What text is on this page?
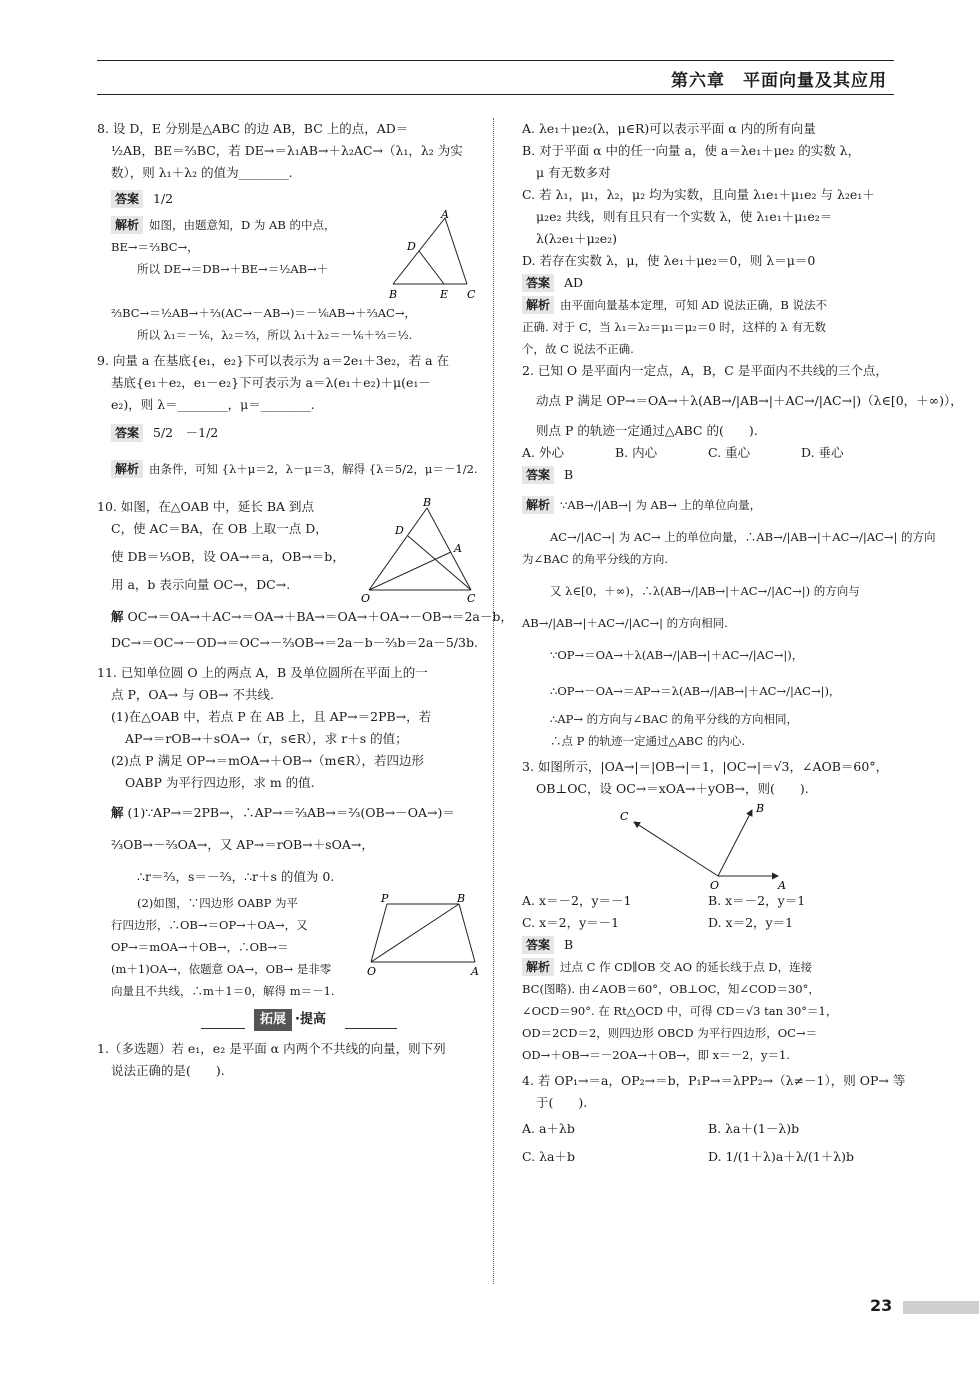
第六章　平面向量及其应用
8. 设 D，E 分别是△ABC 的边 AB，BC 上的点，AD＝
½AB，BE＝⅔BC，若 DE→＝λ₁AB→＋λ₂AC→（λ₁，λ₂ 为实
数），则 λ₁＋λ₂ 的值为________.
答案 1/2
解析 如图，由题意知，D 为 AB 的中点，
BE→＝⅔BC→，
所以 DE→＝DB→＋BE→＝½AB→＋
A
D
B	E C
⅔BC→＝½AB→＋⅔(AC→－AB→)＝－⅙AB→＋⅔AC→，
所以 λ₁＝－⅙，λ₂＝⅔，所以 λ₁＋λ₂＝－⅙＋⅔＝½.
9. 向量 a 在基底{e₁，e₂}下可以表示为 a＝2e₁＋3e₂，若 a 在
基底{e₁＋e₂，e₁－e₂}下可表示为 a＝λ(e₁＋e₂)＋μ(e₁－
e₂)，则 λ＝________，μ＝________.
答案 5/2　－1/2
解析 由条件，可知 {λ＋μ＝2，λ－μ＝3，解得 {λ＝5/2，μ＝－1/2.
10. 如图，在△OAB 中，延长 BA 到点
C，使 AC＝BA，在 OB 上取一点 D，
使 DB＝⅓OB，设 OA→＝a，OB→＝b，
用 a，b 表示向量 OC→，DC→.
B
D
A
O	C
解 OC→＝OA→＋AC→＝OA→＋BA→＝OA→＋OA→－OB→＝2a－b，
DC→＝OC→－OD→＝OC→－⅔OB→＝2a－b－⅔b＝2a－5/3b.
11. 已知单位圆 O 上的两点 A，B 及单位圆所在平面上的一
点 P，OA→ 与 OB→ 不共线.
(1)在△OAB 中，若点 P 在 AB 上，且 AP→＝2PB→，若
AP→＝rOB→＋sOA→（r，s∈R），求 r＋s 的值；
(2)点 P 满足 OP→＝mOA→＋OB→（m∈R），若四边形
OABP 为平行四边形，求 m 的值.
解 (1)∵AP→＝2PB→，∴AP→＝⅔AB→＝⅔(OB→－OA→)＝
⅔OB→－⅔OA→，又 AP→＝rOB→＋sOA→，
∴r＝⅔，s＝－⅔，∴r＋s 的值为 0.
(2)如图，∵四边形 OABP 为平
行四边形，∴OB→＝OP→＋OA→，又
OP→＝mOA→＋OB→，∴OB→＝
(m＋1)OA→，依题意 OA→，OB→ 是非零
向量且不共线，∴m＋1＝0，解得 m＝－1.
P	B
O	A
拓展 ·提高
1.（多选题）若 e₁，e₂ 是平面 α 内两个不共线的向量，则下列
说法正确的是(　　).
A. λe₁＋μe₂(λ，μ∈R)可以表示平面 α 内的所有向量
B. 对于平面 α 中的任一向量 a，使 a＝λe₁＋μe₂ 的实数 λ，
μ 有无数多对
C. 若 λ₁，μ₁，λ₂，μ₂ 均为实数，且向量 λ₁e₁＋μ₁e₂ 与 λ₂e₁＋
μ₂e₂ 共线，则有且只有一个实数 λ，使 λ₁e₁＋μ₁e₂＝
λ(λ₂e₁＋μ₂e₂)
D. 若存在实数 λ，μ，使 λe₁＋μe₂＝0，则 λ＝μ＝0
答案 AD
解析 由平面向量基本定理，可知 AD 说法正确，B 说法不
正确. 对于 C，当 λ₁＝λ₂＝μ₁＝μ₂＝0 时，这样的 λ 有无数
个，故 C 说法不正确.
2. 已知 O 是平面内一定点，A，B，C 是平面内不共线的三个点，
动点 P 满足 OP→＝OA→＋λ(AB→/|AB→|＋AC→/|AC→|)（λ∈[0，＋∞)），
则点 P 的轨迹一定通过△ABC 的(　　).
A. 外心	B. 内心	C. 重心	D. 垂心
答案 B
解析 ∵AB→/|AB→| 为 AB→ 上的单位向量，
AC→/|AC→| 为 AC→ 上的单位向量，∴AB→/|AB→|＋AC→/|AC→| 的方向
为∠BAC 的角平分线的方向.
又 λ∈[0，＋∞)，∴λ(AB→/|AB→|＋AC→/|AC→|) 的方向与
AB→/|AB→|＋AC→/|AC→| 的方向相同.
∵OP→＝OA→＋λ(AB→/|AB→|＋AC→/|AC→|)，
∴OP→－OA→＝AP→＝λ(AB→/|AB→|＋AC→/|AC→|)，
∴AP→ 的方向与∠BAC 的角平分线的方向相同，
∴点 P 的轨迹一定通过△ABC 的内心.
3. 如图所示，|OA→|＝|OB→|＝1，|OC→|＝√3，∠AOB＝60°，
OB⊥OC，设 OC→＝xOA→＋yOB→，则(　　).
C
B
O	A
A. x＝－2，y＝－1	B. x＝－2，y＝1
C. x＝2，y＝－1	D. x＝2，y＝1
答案 B
解析 过点 C 作 CD∥OB 交 AO 的延长线于点 D，连接
BC(图略). 由∠AOB＝60°，OB⊥OC，知∠COD＝30°，
∠OCD＝90°. 在 Rt△OCD 中，可得 CD＝√3 tan 30°＝1，
OD＝2CD＝2，则四边形 OBCD 为平行四边形，OC→＝
OD→＋OB→＝－2OA→＋OB→，即 x＝－2，y＝1.
4. 若 OP₁→＝a，OP₂→＝b，P₁P→＝λPP₂→（λ≠－1），则 OP→ 等
于(　　).
A. a＋λb	B. λa＋(1－λ)b
C. λa＋b	D. 1/(1＋λ)a＋λ/(1＋λ)b
23
